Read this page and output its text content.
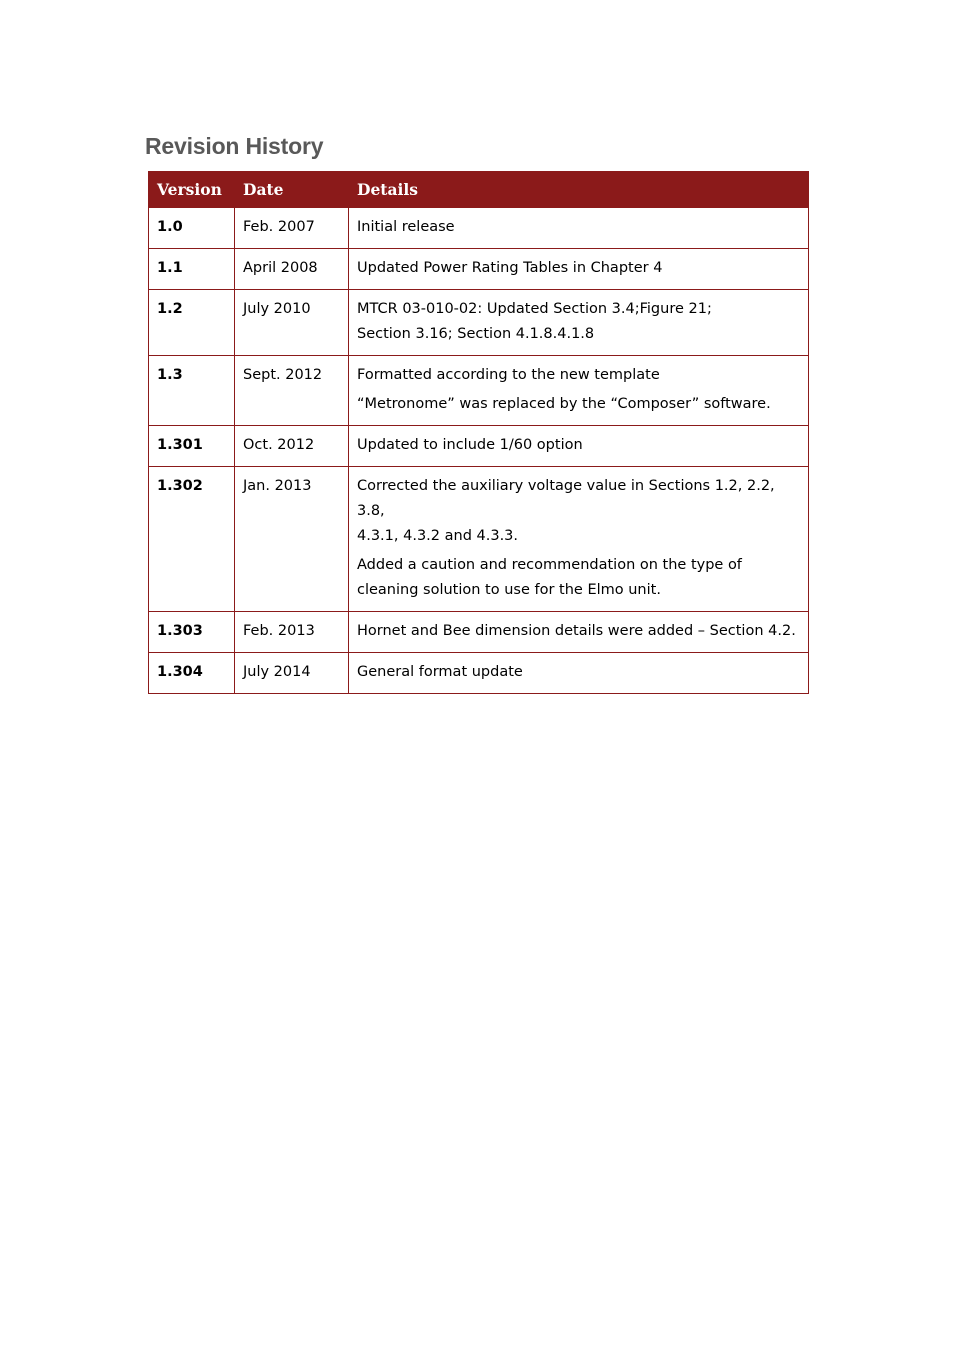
Revision History
Version	Date	Details
1.0	Feb. 2007	Initial release

1.1	April 2008	Updated Power Rating Tables in Chapter 4

1.2	July 2010	MTCR 03-010-02: Updated Section 3.4;Figure 21;
Section 3.16; Section 4.1.8.4.1.8

1.3	Sept. 2012	Formatted according to the new template
“Metronome” was replaced by the “Composer” software.

1.301	Oct. 2012	Updated to include 1/60 option

1.302	Jan. 2013	Corrected the auxiliary voltage value in Sections 1.2, 2.2, 3.8,
4.3.1, 4.3.2 and 4.3.3.
Added a caution and recommendation on the type of
cleaning solution to use for the Elmo unit.

1.303	Feb. 2013	Hornet and Bee dimension details were added – Section 4.2.

1.304	July 2014	General format update
